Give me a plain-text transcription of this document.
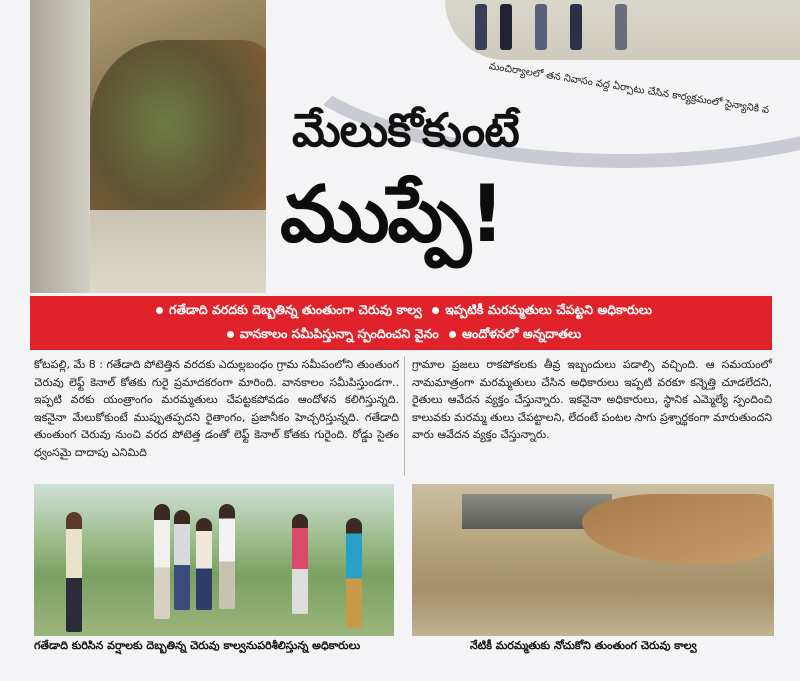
మంచిర్యాలలో తన నివాసం వద్ద ఏర్పాటు చేసిన కార్యక్రమంలో సైన్యానికి వ
మేలుకోకుంటే
ముప్పే!
గతేడాది వరదకు దెబ్బతిన్న తుంతుంగా చెరువు కాల్వ ఇప్పటికీ మరమ్మతులు చేపట్టని అధికారులు
వానకాలం సమీపిస్తున్నా స్పందించని వైనం ఆందోళనలో అన్నదాతలు
కోటపల్లి, మే 8 : గతేడాది పోటెత్తిన వరదకు ఎదుల్లబంధం గ్రామ సమీపంలోని తుంతుంగ చెరువు లెఫ్ట్ కెనాల్ కోతకు గురై ప్రమాదకరంగా మారింది. వానకాలం సమీపిస్తుండగా.. ఇప్పటి వరకు యంత్రాంగం మరమ్మతులు చేపట్టకపోవడం ఆందోళన కలిగిస్తున్నది. ఇకనైనా మేలుకోకుంటే ముప్పుతప్పదని రైతాంగం, ప్రజానీకం హెచ్చరిస్తున్నది. గతేడాది తుంతుంగ చెరువు నుంచి వరద పోటెత్త డంతో లెఫ్ట్ కెనాల్ కోతకు గురైంది. రోడ్డు సైతం ధ్వంసమై దాదాపు ఎనిమిది
గ్రామాల ప్రజలు రాకపోకలకు తీవ్ర ఇబ్బందులు పడాల్సి వచ్చింది. ఆ సమయంలో నామమాత్రంగా మరమ్మతులు చేసిన అధికారులు ఇప్పటి వరకూ కన్నెత్తి చూడలేదని, రైతులు ఆవేదన వ్యక్తం చేస్తున్నారు. ఇకనైనా అధికారులు, స్థానిక ఎమ్మెల్యే స్పందించి కాలువకు మరమ్మ తులు చేపట్టాలని, లేదంటే పంటల సాగు ప్రశ్నార్థకంగా మారుతుందని వారు ఆవేదన వ్యక్తం చేస్తున్నారు.
గతేడాది కురిసిన వర్షాలకు దెబ్బతిన్న చెరువు కాల్వనుపరిశీలిస్తున్న అధికారులు	నేటికీ మరమ్మతుకు నోచుకోని తుంతుంగ చెరువు కాల్వ
